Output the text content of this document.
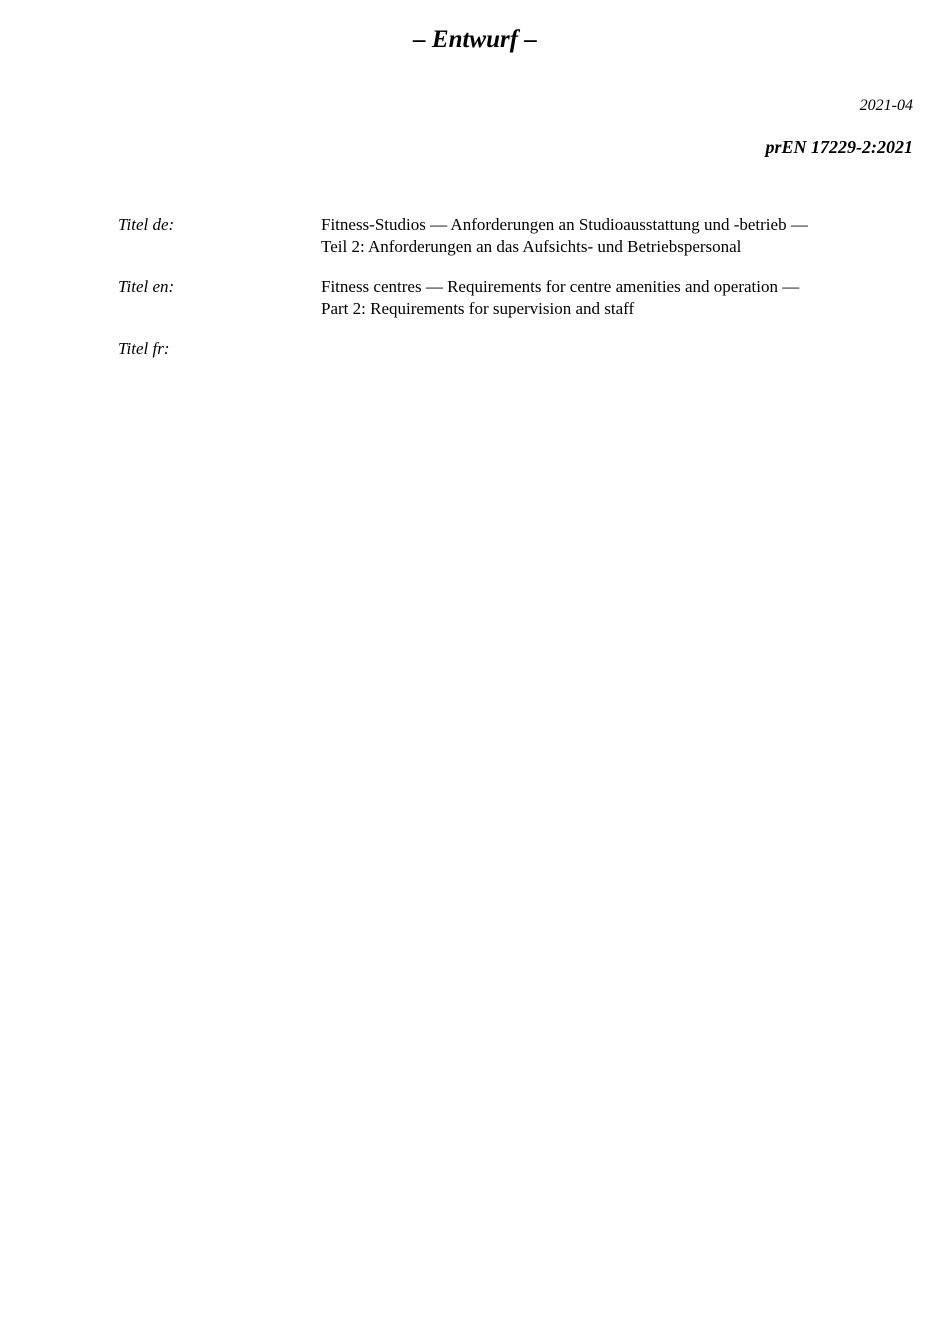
– Entwurf –
2021-04
prEN 17229-2:2021
Titel de:	Fitness-Studios — Anforderungen an Studioausstattung und -betrieb —
Teil 2: Anforderungen an das Aufsichts- und Betriebspersonal
Titel en:	Fitness centres — Requirements for centre amenities and operation —
Part 2: Requirements for supervision and staff
Titel fr:
